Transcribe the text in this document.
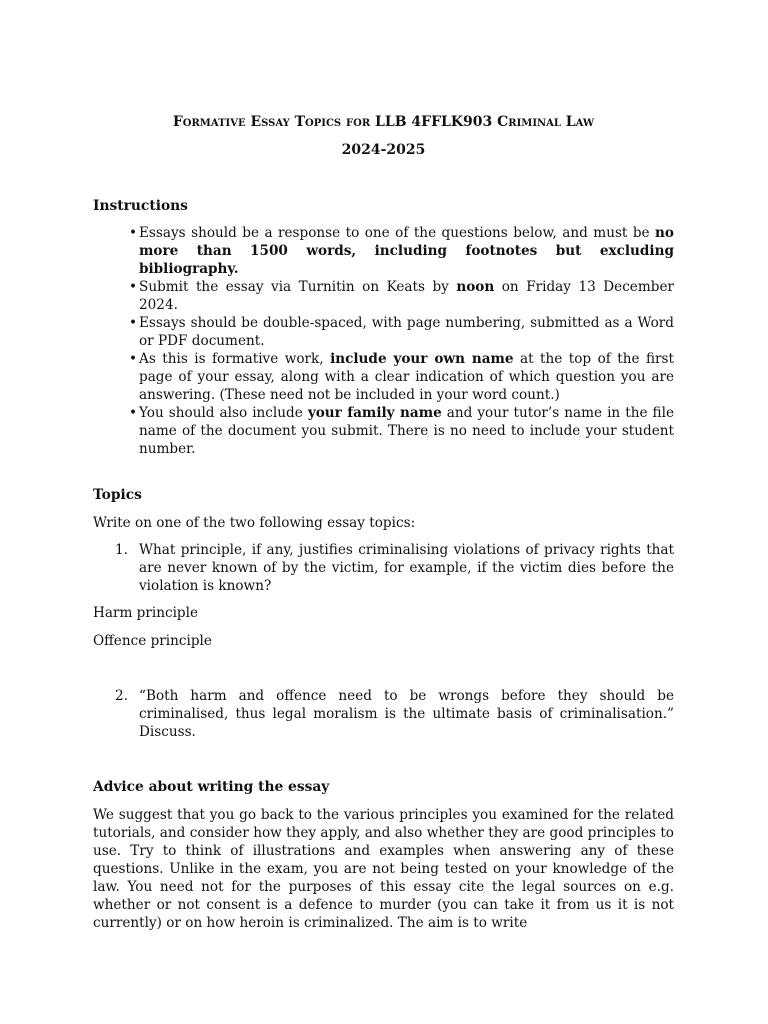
Formative Essay Topics for LLB 4FFLK903 Criminal Law

2024-2025

Instructions

• Essays should be a response to one of the questions below, and must be no more than 1500 words, including footnotes but excluding bibliography.
• Submit the essay via Turnitin on Keats by noon on Friday 13 December 2024.
• Essays should be double-spaced, with page numbering, submitted as a Word or PDF document.
• As this is formative work, include your own name at the top of the first page of your essay, along with a clear indication of which question you are answering. (These need not be included in your word count.)
• You should also include your family name and your tutor’s name in the file name of the document you submit. There is no need to include your student number.

Topics

Write on one of the two following essay topics:

1. What principle, if any, justifies criminalising violations of privacy rights that are never known of by the victim, for example, if the victim dies before the violation is known?

Harm principle

Offence principle

2. “Both harm and offence need to be wrongs before they should be criminalised, thus legal moralism is the ultimate basis of criminalisation.” Discuss.

Advice about writing the essay

We suggest that you go back to the various principles you examined for the related tutorials, and consider how they apply, and also whether they are good principles to use. Try to think of illustrations and examples when answering any of these questions. Unlike in the exam, you are not being tested on your knowledge of the law. You need not for the purposes of this essay cite the legal sources on e.g. whether or not consent is a defence to murder (you can take it from us it is not currently) or on how heroin is criminalized. The aim is to write
